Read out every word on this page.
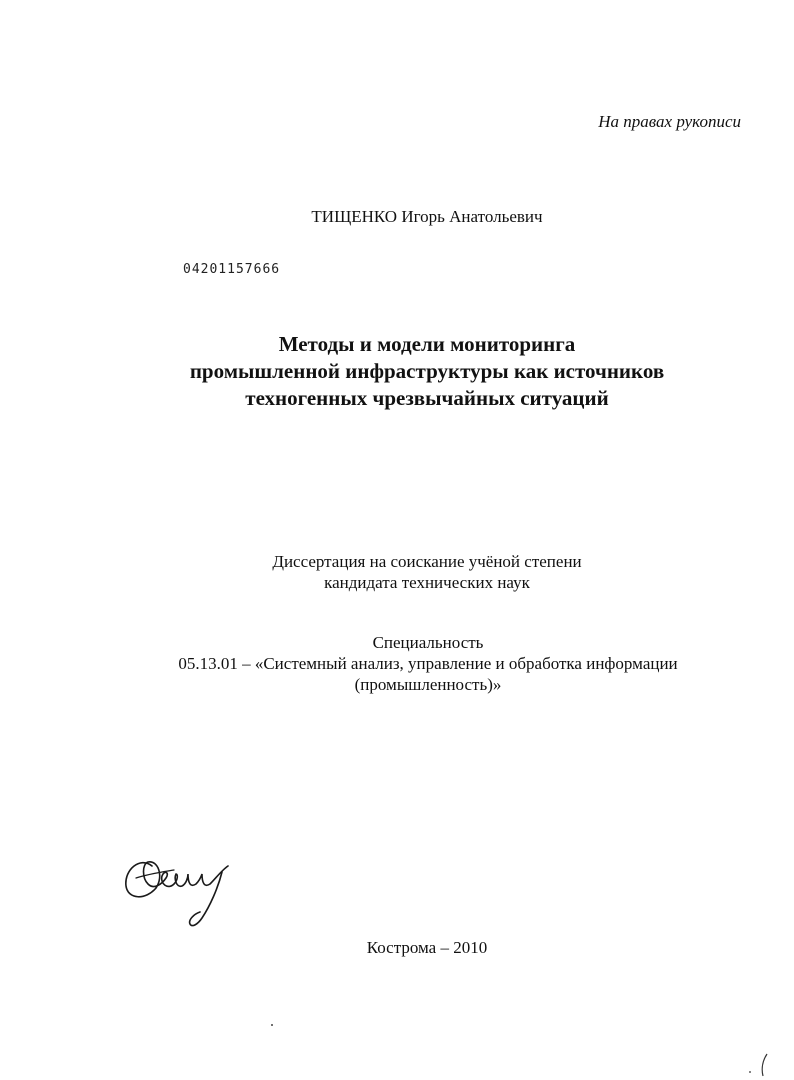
На правах рукописи

ТИЩЕНКО Игорь Анатольевич

04201157666

Методы и модели мониторинга
промышленной инфраструктуры как источников
техногенных чрезвычайных ситуаций
Диссертация на соискание учёной степени
кандидата технических наук
Специальность
05.13.01 – «Системный анализ, управление и обработка информации
(промышленность)»

Кострома – 2010
